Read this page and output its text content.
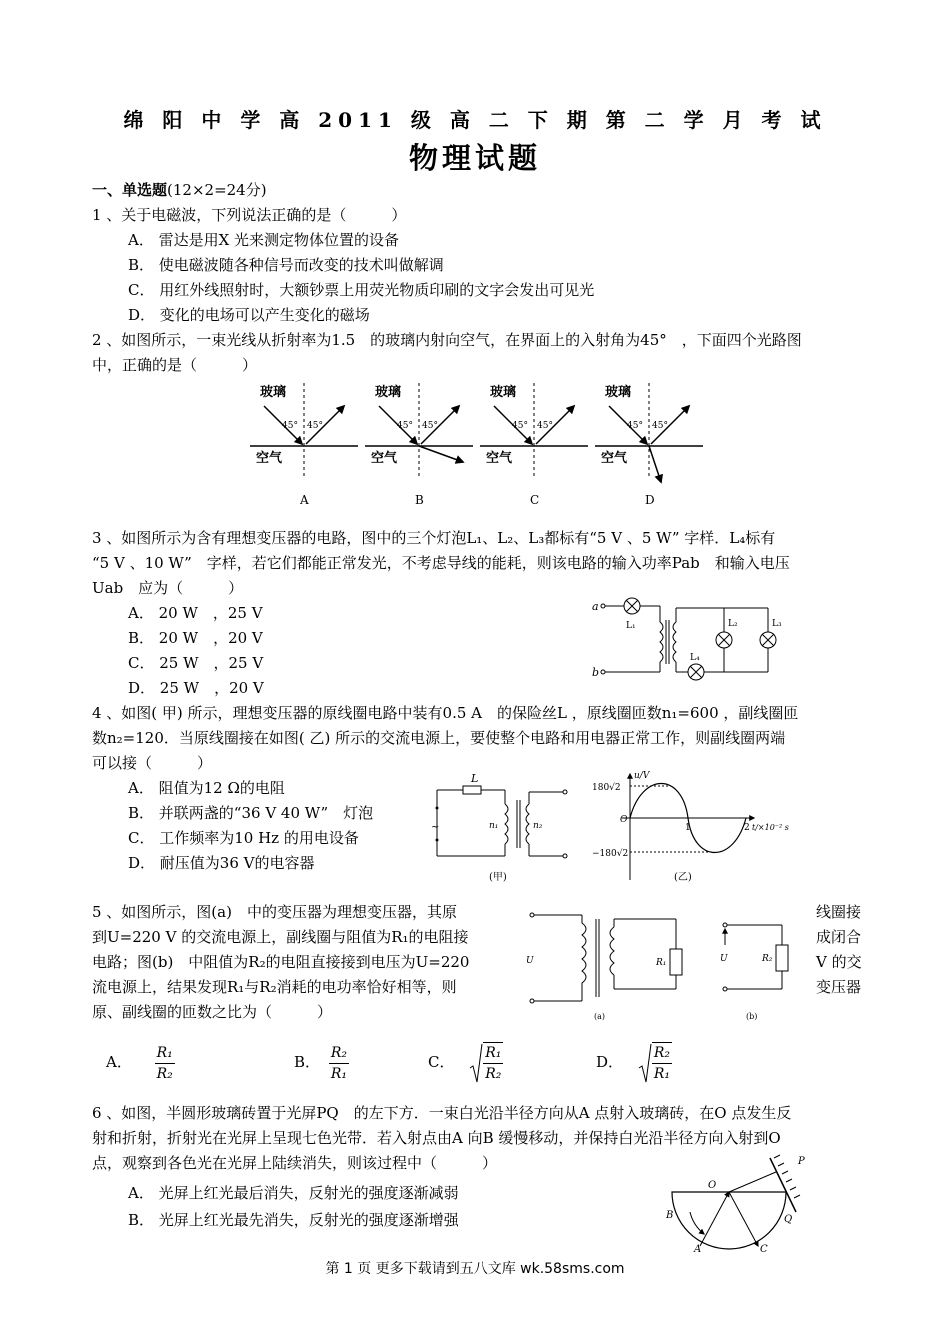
绵 阳 中 学 高 2011 级 高 二 下 期 第 二 学 月 考 试
物理试题
一、单选题(12×2=24分)
1 、关于电磁波，下列说法正确的是（　　　）
A． 雷达是用X 光来测定物体位置的设备
B． 使电磁波随各种信号而改变的技术叫做解调
C． 用红外线照射时，大额钞票上用荧光物质印刷的文字会发出可见光
D． 变化的电场可以产生变化的磁场
2 、如图所示，一束光线从折射率为1.5　的玻璃内射向空气，在界面上的入射角为45°　，下面四个光路图
中，正确的是（　　　）
玻璃
45° 45°
空气
A
玻璃
45° 45°
空气
B
玻璃
45° 45°
空气
C
玻璃
45° 45°
空气
D
3 、如图所示为含有理想变压器的电路，图中的三个灯泡L₁、L₂、L₃都标有“5 V 、5 W” 字样．L₄标有
“5 V 、10 W”　字样，若它们都能正常发光，不考虑导线的能耗，则该电路的输入功率Pab　和输入电压
Uab　应为（　　　）
A． 20 W　，25 V
B． 20 W　，20 V
C． 25 W　，25 V
D． 25 W　，20 V
a
b
L₁
L₄
L₂	L₃
4 、如图( 甲) 所示，理想变压器的原线圈电路中装有0.5 A　的保险丝L ，原线圈匝数n₁=600 ，副线圈匝
数n₂=120．当原线圈接在如图( 乙) 所示的交流电源上，要使整个电路和用电器正常工作，则副线圈两端
可以接（　　　）
A． 阻值为12 Ω的电阻
B． 并联两盏的“36 V 40 W”　灯泡
C． 工作频率为10 Hz 的用电设备
D． 耐压值为36 V的电容器
L
~	n₁	n₂
(甲)
u/V
180√2
−180√2
O
1	2 t/×10⁻² s
(乙)
5 、如图所示，图(a)　中的变压器为理想变压器，其原
到U=220 V 的交流电源上，副线圈与阻值为R₁的电阻接
电路；图(b)　中阻值为R₂的电阻直接接到电压为U=220
流电源上，结果发现R₁与R₂消耗的电功率恰好相等，则
原、副线圈的匝数之比为（　　　）
线圈接
成闭合
V 的交
变压器
U	R₁
(a)
U	R₂
(b)
A． $\frac{\text{R₁}}{\text{R₂}}$	B． $\frac{\text{R₂}}{\text{R₁}}$	C． $\frac{\text{R₁}}{\text{R₂}}$	D． $\frac{\text{R₂}}{\text{R₁}}$
6 、如图，半圆形玻璃砖置于光屏PQ　的左下方．一束白光沿半径方向从A 点射入玻璃砖，在O 点发生反
射和折射，折射光在光屏上呈现七色光带．若入射点由A 向B 缓慢移动，并保持白光沿半径方向入射到O
点，观察到各色光在光屏上陆续消失，则该过程中（　　　）
A． 光屏上红光最后消失，反射光的强度逐渐减弱
B． 光屏上红光最先消失，反射光的强度逐渐增强
P
Q
O
B
A	C
第 1 页 更多下载请到五八文库 wk.58sms.com
